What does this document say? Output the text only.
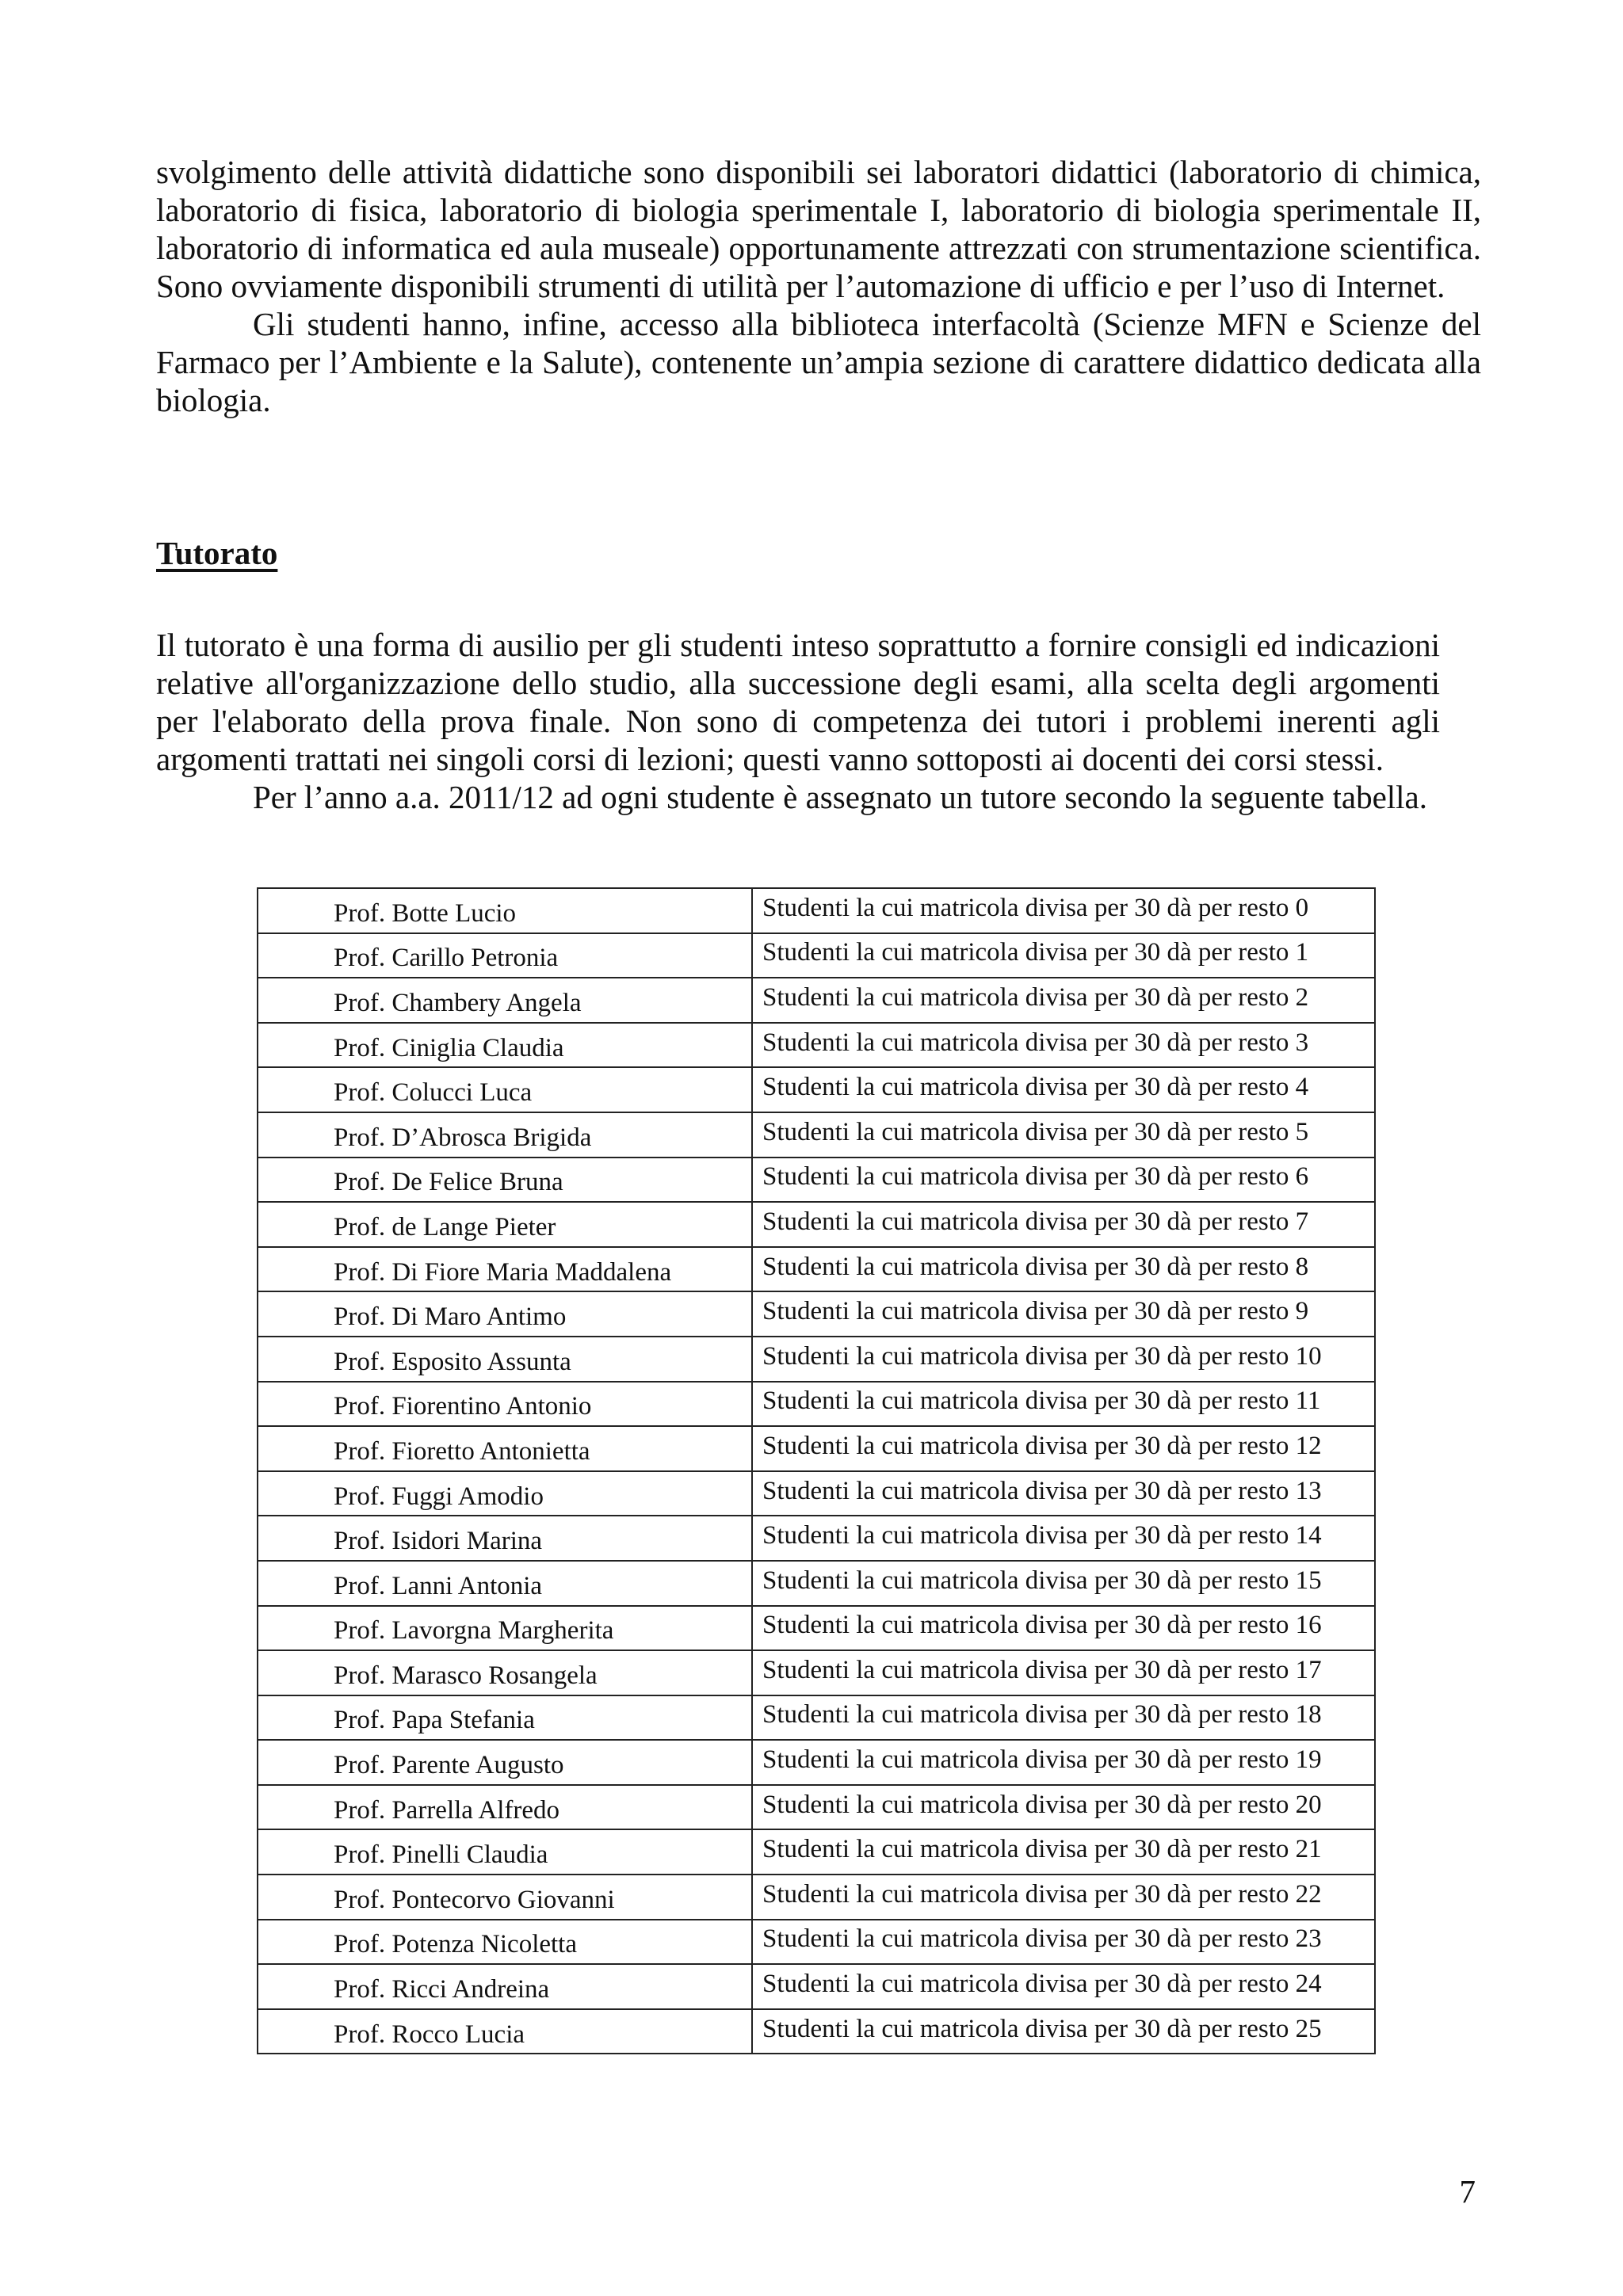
svolgimento delle attività didattiche sono disponibili sei laboratori didattici (laboratorio di chimica, laboratorio di fisica, laboratorio di biologia sperimentale I, laboratorio di biologia sperimentale II, laboratorio di informatica ed aula museale) opportunamente attrezzati con strumentazione scientifica. Sono ovviamente disponibili strumenti di utilità per l’automazione di ufficio e per l’uso di Internet.

Gli studenti hanno, infine, accesso alla biblioteca interfacoltà (Scienze MFN e Scienze del Farmaco per l’Ambiente e la Salute), contenente un’ampia sezione di carattere didattico dedicata alla biologia.

Tutorato

Il tutorato è una forma di ausilio per gli studenti inteso soprattutto a fornire consigli ed indicazioni relative all'organizzazione dello studio, alla successione degli esami, alla scelta degli argomenti per l'elaborato della prova finale. Non sono di competenza dei tutori i problemi inerenti agli argomenti trattati nei singoli corsi di lezioni; questi vanno sottoposti ai docenti dei corsi stessi.

Per l’anno a.a. 2011/12 ad ogni studente è assegnato un tutore secondo la seguente tabella.

Prof. Botte Lucio	Studenti la cui matricola divisa per 30 dà per resto 0
Prof. Carillo Petronia	Studenti la cui matricola divisa per 30 dà per resto 1
Prof. Chambery Angela	Studenti la cui matricola divisa per 30 dà per resto 2
Prof. Ciniglia Claudia	Studenti la cui matricola divisa per 30 dà per resto 3
Prof. Colucci Luca	Studenti la cui matricola divisa per 30 dà per resto 4
Prof. D’Abrosca Brigida	Studenti la cui matricola divisa per 30 dà per resto 5
Prof. De Felice Bruna	Studenti la cui matricola divisa per 30 dà per resto 6
Prof. de Lange Pieter	Studenti la cui matricola divisa per 30 dà per resto 7
Prof. Di Fiore Maria Maddalena	Studenti la cui matricola divisa per 30 dà per resto 8
Prof. Di Maro Antimo	Studenti la cui matricola divisa per 30 dà per resto 9
Prof. Esposito Assunta	Studenti la cui matricola divisa per 30 dà per resto 10
Prof. Fiorentino Antonio	Studenti la cui matricola divisa per 30 dà per resto 11
Prof. Fioretto Antonietta	Studenti la cui matricola divisa per 30 dà per resto 12
Prof. Fuggi Amodio	Studenti la cui matricola divisa per 30 dà per resto 13
Prof. Isidori Marina	Studenti la cui matricola divisa per 30 dà per resto 14
Prof. Lanni Antonia	Studenti la cui matricola divisa per 30 dà per resto 15
Prof. Lavorgna Margherita	Studenti la cui matricola divisa per 30 dà per resto 16
Prof. Marasco Rosangela	Studenti la cui matricola divisa per 30 dà per resto 17
Prof. Papa Stefania	Studenti la cui matricola divisa per 30 dà per resto 18
Prof. Parente Augusto	Studenti la cui matricola divisa per 30 dà per resto 19
Prof. Parrella Alfredo	Studenti la cui matricola divisa per 30 dà per resto 20
Prof. Pinelli Claudia	Studenti la cui matricola divisa per 30 dà per resto 21
Prof. Pontecorvo Giovanni	Studenti la cui matricola divisa per 30 dà per resto 22
Prof. Potenza Nicoletta	Studenti la cui matricola divisa per 30 dà per resto 23
Prof. Ricci Andreina	Studenti la cui matricola divisa per 30 dà per resto 24
Prof. Rocco Lucia	Studenti la cui matricola divisa per 30 dà per resto 25
7
